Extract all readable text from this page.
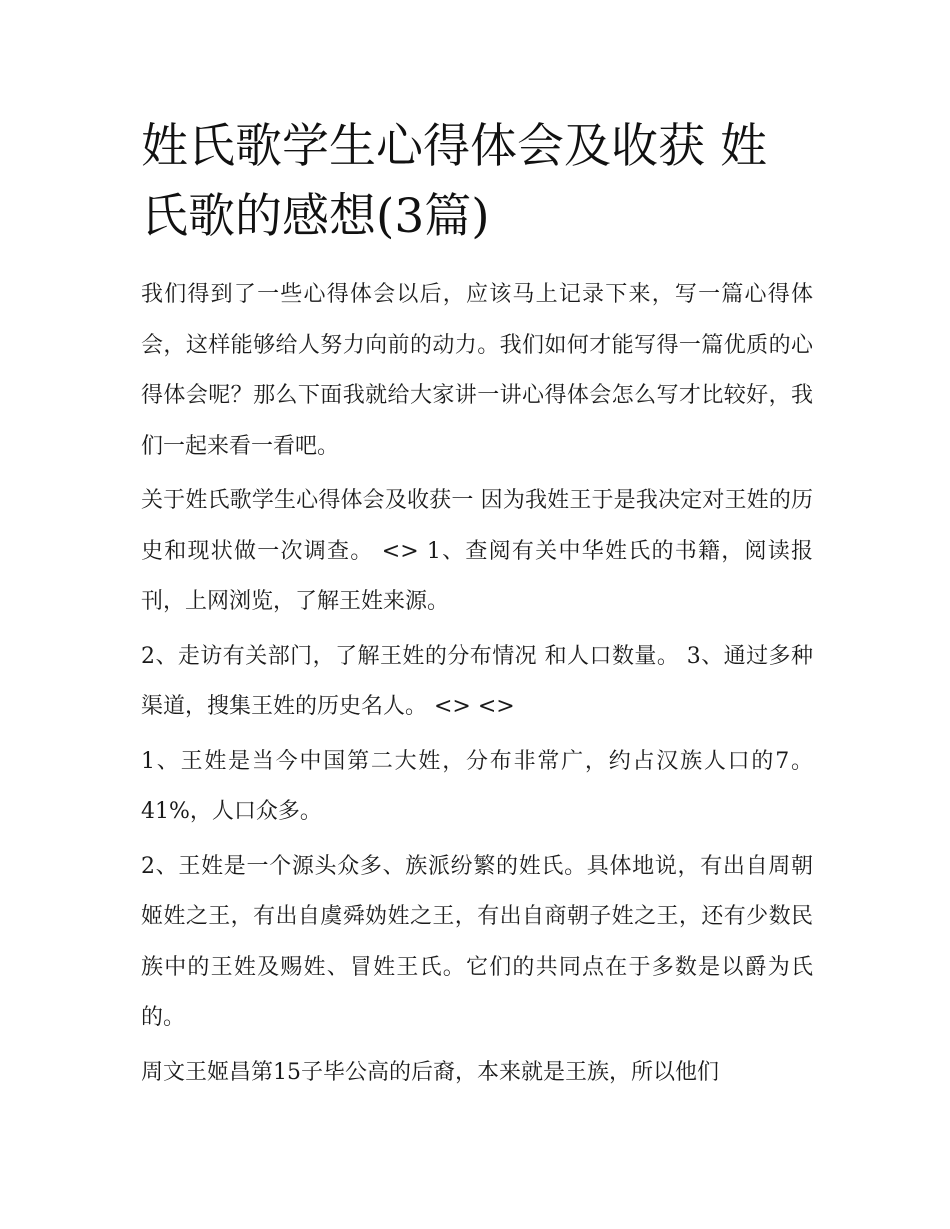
姓氏歌学生心得体会及收获 姓氏歌的感想(3篇)

我们得到了一些心得体会以后，应该马上记录下来，写一篇心得体会，这样能够给人努力向前的动力。我们如何才能写得一篇优质的心得体会呢？那么下面我就给大家讲一讲心得体会怎么写才比较好，我们一起来看一看吧。

关于姓氏歌学生心得体会及收获一 因为我姓王于是我决定对王姓的历史和现状做一次调查。 <> 1、查阅有关中华姓氏的书籍，阅读报刊，上网浏览，了解王姓来源。

2、走访有关部门，了解王姓的分布情况 和人口数量。 3、通过多种渠道，搜集王姓的历史名人。 <> <>

1、王姓是当今中国第二大姓，分布非常广，约占汉族人口的7。41%，人口众多。

2、王姓是一个源头众多、族派纷繁的姓氏。具体地说，有出自周朝姬姓之王，有出自虞舜妫姓之王，有出自商朝子姓之王，还有少数民族中的王姓及赐姓、冒姓王氏。它们的共同点在于多数是以爵为氏的。

周文王姬昌第15子毕公高的后裔，本来就是王族，所以他们
